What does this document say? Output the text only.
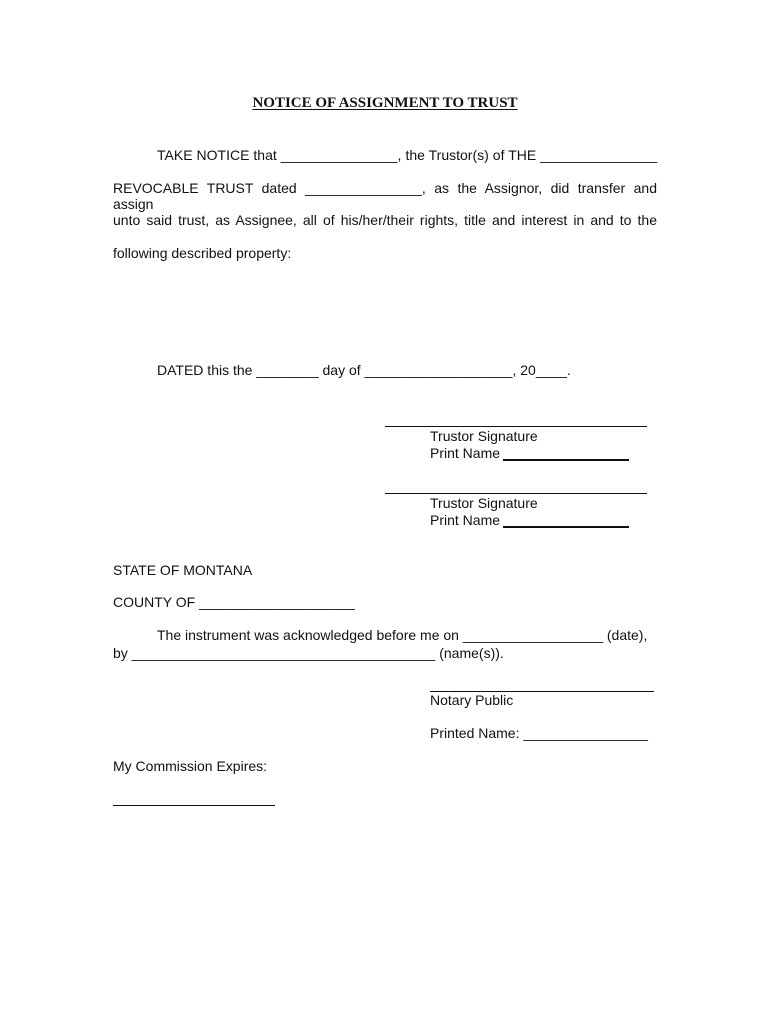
NOTICE OF ASSIGNMENT TO TRUST
TAKE NOTICE that _______________, the Trustor(s) of THE _______________
REVOCABLE TRUST dated _______________, as the Assignor, did transfer and assign
unto said trust, as Assignee, all of his/her/their rights, title and interest in and to the
following described property:
DATED this the ________ day of ___________________, 20____.
Trustor Signature
Print Name
Trustor Signature
Print Name
STATE OF MONTANA
COUNTY OF ____________________
The instrument was acknowledged before me on __________________ (date),
by _______________________________________ (name(s)).
Notary Public
Printed Name: ________________
My Commission Expires:
